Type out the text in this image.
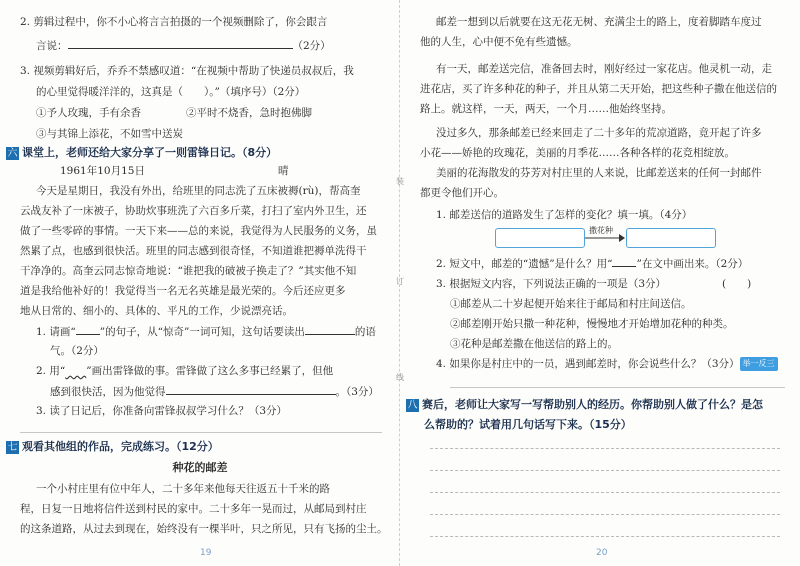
装
订
线
2. 剪辑过程中，你不小心将言言拍摄的一个视频删除了，你会跟言
言说：	（2分）
3. 视频剪辑好后，乔乔不禁感叹道：“在视频中帮助了快递员叔叔后，我
的心里觉得暖洋洋的，这真是（　　）。”（填序号）（2分）
①予人玫瑰，手有余香	②平时不烧香，急时抱佛脚
③与其锦上添花，不如雪中送炭
六 课堂上，老师还给大家分享了一则雷锋日记。（8分）
1961年10月15日	晴
今天是星期日，我没有外出，给班里的同志洗了五床被褥(rù)，帮高奎
云战友补了一床被子，协助炊事班洗了六百多斤菜，打扫了室内外卫生，还
做了一些零碎的事情。一天下来——总的来说，我觉得为人民服务的义务，虽
然累了点，也感到很快活。班里的同志感到很奇怪，不知道谁把褥单洗得干
干净净的。高奎云同志惊奇地说：“谁把我的破被子换走了？”其实他不知
道是我给他补好的！我觉得当一名无名英雄是最光荣的。今后还应更多
地从日常的、细小的、具体的、平凡的工作，少说漂亮话。
1. 请画“ ”的句子，从“惊奇”一词可知，这句话要读出	的语
气。（2分）
2. 用“　　 ”画出雷锋做的事。雷锋做了这么多事已经累了，但他
感到很快活，因为他觉得	。（3分）
3. 读了日记后，你准备向雷锋叔叔学习什么？（3分）
七 观看其他组的作品，完成练习。（12分）
种花的邮差
一个小村庄里有位中年人，二十多年来他每天往返五十千米的路
程，日复一日地将信件送到村民的家中。二十多年一晃而过，从邮局到村庄
的这条道路，从过去到现在，始终没有一棵半叶，只之所见，只有飞扬的尘土。
19
邮差一想到以后就要在这无花无树、充满尘土的路上，度着脚踏车度过
他的人生，心中便不免有些遗憾。
有一天，邮差送完信，准备回去时，刚好经过一家花店。他灵机一动，走
进花店，买了许多种花的种子，并且从第二天开始，把这些种子撒在他送信的
路上。就这样，一天，两天，一个月……他始终坚持。
没过多久，那条邮差已经来回走了二十多年的荒凉道路，竟开起了许多
小花——娇艳的玫瑰花，美丽的月季花……各种各样的花竞相绽放。
美丽的花海散发的芬芳对村庄里的人来说，比邮差送来的任何一封邮件
都更令他们开心。
1. 邮差送信的道路发生了怎样的变化？填一填。（4分）
撒花种
2. 短文中，邮差的“遗憾”是什么？用“ ”在文中画出来。（2分）
3. 根据短文内容，下列说法正确的一项是（3分）	(　　)
①邮差从二十岁起便开始来往于邮局和村庄间送信。
②邮差刚开始只撒一种花种，慢慢地才开始增加花种的种类。
③花种是邮差撒在他送信的路上的。
4. 如果你是村庄中的一员，遇到邮差时，你会说些什么？（3分） 举一反三
八 赛后，老师让大家写一写帮助别人的经历。你帮助别人做了什么？是怎
么帮助的？试着用几句话写下来。（15分）
20
